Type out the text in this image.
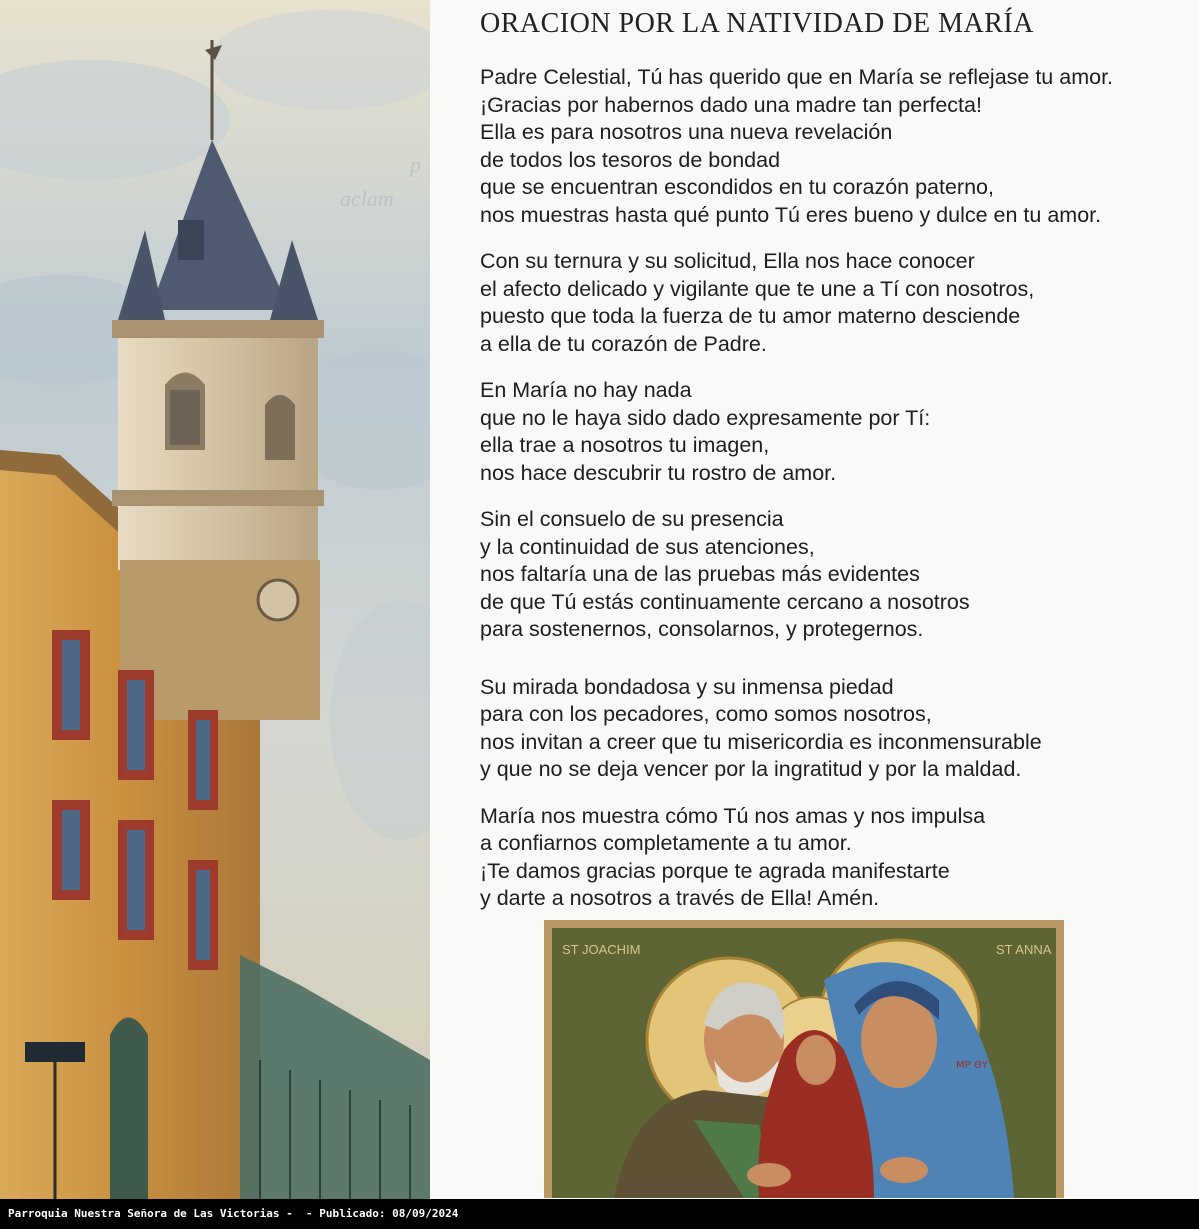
p
aclam
ORACION POR LA NATIVIDAD DE MARÍA
Padre Celestial, Tú has querido que en María se reflejase tu amor.
¡Gracias por habernos dado una madre tan perfecta!
Ella es para nosotros una nueva revelación
de todos los tesoros de bondad
que se encuentran escondidos en tu corazón paterno,
nos muestras hasta qué punto Tú eres bueno y dulce en tu amor.
Con su ternura y su solicitud, Ella nos hace conocer
el afecto delicado y vigilante que te une a Tí con nosotros,
puesto que toda la fuerza de tu amor materno desciende
a ella de tu corazón de Padre.
En María no hay nada
que no le haya sido dado expresamente por Tí:
ella trae a nosotros tu imagen,
nos hace descubrir tu rostro de amor.
Sin el consuelo de su presencia
y la continuidad de sus atenciones,
nos faltaría una de las pruebas más evidentes
de que Tú estás continuamente cercano a nosotros
para sostenernos, consolarnos, y protegernos.
Su mirada bondadosa y su inmensa piedad
para con los pecadores, como somos nosotros,
nos invitan a creer que tu misericordia es inconmensurable
y que no se deja vencer por la ingratitud y por la maldad.
María nos muestra cómo Tú nos amas y nos impulsa
a confiarnos completamente a tu amor.
¡Te damos gracias porque te agrada manifestarte
y darte a nosotros a través de Ella! Amén.
ST JOACHIM	ST ANNA
ΜΡ ΘΥ
Parroquia Nuestra Señora de Las Victorias -  - Publicado: 08/09/2024
